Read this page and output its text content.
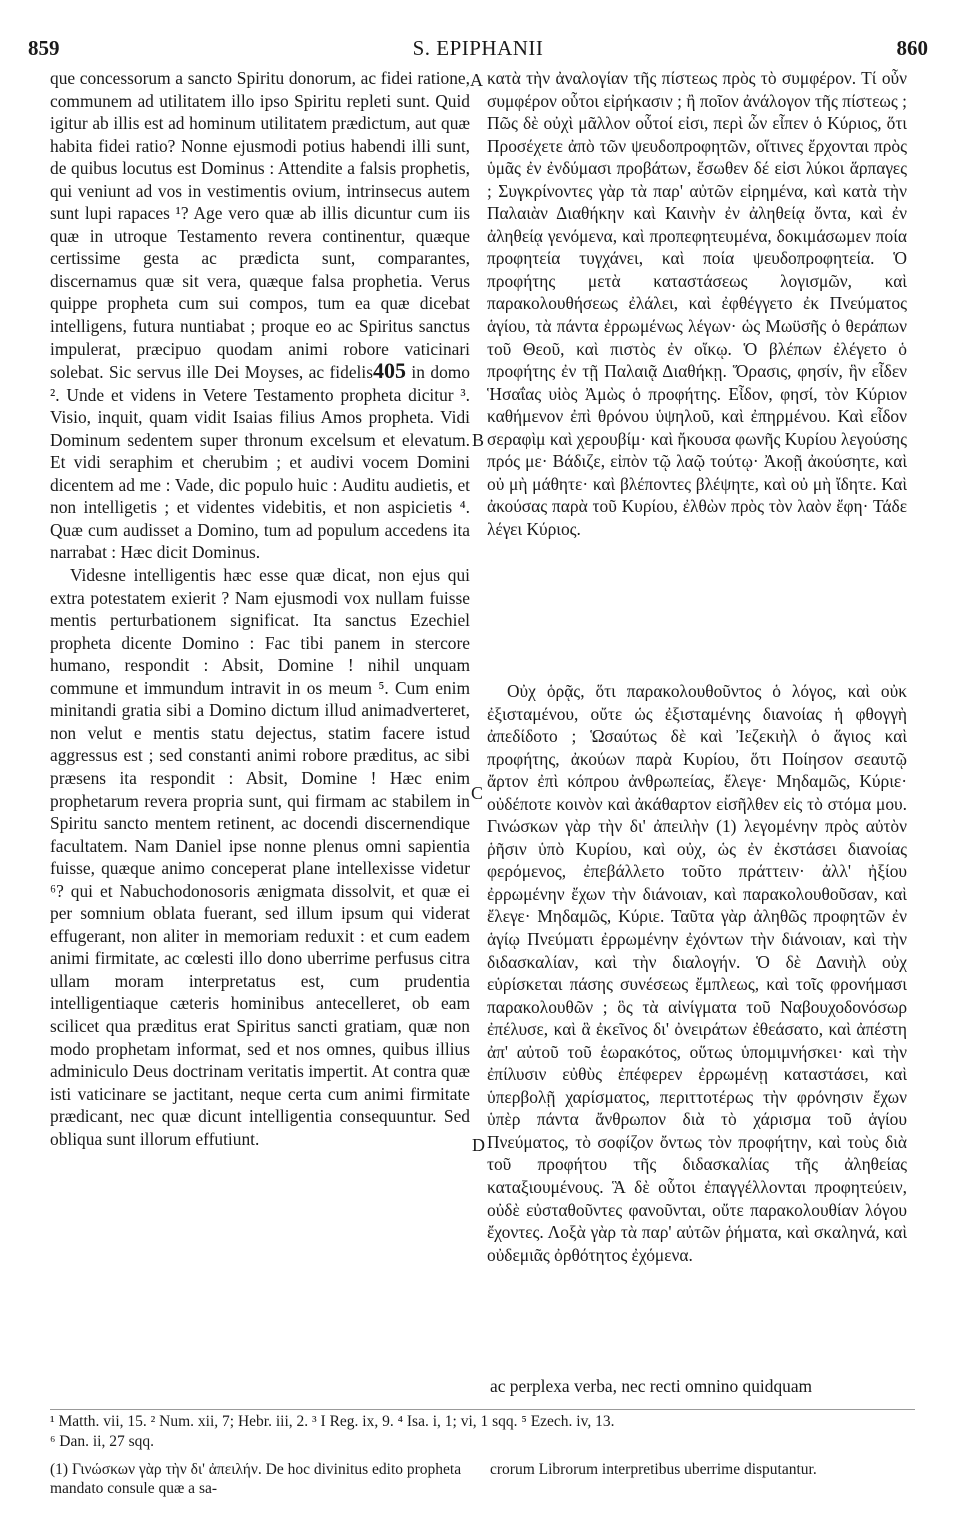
859	S. EPIPHANII	860
A
B
C
D

que concessorum a sancto Spiritu donorum, ac fidei ratione, communem ad utilitatem illo ipso Spiritu repleti sunt. Quid igitur ab illis est ad hominum utilitatem prædictum, aut quæ habita fidei ratio? Nonne ejusmodi potius habendi illi sunt, de quibus locutus est Dominus : Attendite a falsis prophetis, qui veniunt ad vos in vestimentis ovium, intrinsecus autem sunt lupi rapaces ¹? Age vero quæ ab illis dicuntur cum iis quæ in utroque Testamento revera continentur, quæque certissime gesta ac prædicta sunt, comparantes, discernamus quæ sit vera, quæque falsa prophetia. Verus quippe propheta cum sui compos, tum ea quæ dicebat intelligens, futura nuntiabat ; proque eo ac Spiritus sanctus impulerat, præcipuo quodam animi robore vaticinari solebat. Sic servus ille Dei Moyses, ac fidelis405 in domo ². Unde et videns in Vetere Testamento propheta dicitur ³. Visio, inquit, quam vidit Isaias filius Amos propheta. Vidi Dominum sedentem super thronum excelsum et elevatum. Et vidi seraphim et cherubim ; et audivi vocem Domini dicentem ad me : Vade, dic populo huic : Auditu audietis, et non intelligetis ; et videntes videbitis, et non aspicietis ⁴. Quæ cum audisset a Domino, tum ad populum accedens ita narrabat : Hæc dicit Dominus.

Videsne intelligentis hæc esse quæ dicat, non ejus qui extra potestatem exierit ? Nam ejusmodi vox nullam fuisse mentis perturbationem significat. Ita sanctus Ezechiel propheta dicente Domino : Fac tibi panem in stercore humano, respondit : Absit, Domine ! nihil unquam commune et immundum intravit in os meum ⁵. Cum enim minitandi gratia sibi a Domino dictum illud animadverteret, non velut e mentis statu dejectus, statim facere istud aggressus est ; sed constanti animi robore præditus, ac sibi præsens ita respondit : Absit, Domine ! Hæc enim prophetarum revera propria sunt, qui firmam ac stabilem in Spiritu sancto mentem retinent, ac docendi discernendique facultatem. Nam Daniel ipse nonne plenus omni sapientia fuisse, quæque animo conceperat plane intellexisse videtur ⁶? qui et Nabuchodonosoris ænigmata dissolvit, et quæ ei per somnium oblata fuerant, sed illum ipsum qui viderat effugerant, non aliter in memoriam reduxit : et cum eadem animi firmitate, ac cœlesti illo dono uberrime perfusus citra ullam moram interpretatus est, cum prudentia intelligentiaque cæteris hominibus antecelleret, ob eam scilicet qua præditus erat Spiritus sancti gratiam, quæ non modo prophetam informat, sed et nos omnes, quibus illius adminiculo Deus doctrinam veritatis impertit. At contra quæ isti vaticinare se jactitant, neque certa cum animi firmitate prædicant, nec quæ dicunt intelligentia consequuntur. Sed obliqua sunt illorum effutiunt.

κατὰ τὴν ἀναλογίαν τῆς πίστεως πρὸς τὸ συμφέρον. Τί οὖν συμφέρον οὗτοι εἰρήκασιν ; ἢ ποῖον ἀνάλογον τῆς πίστεως ; Πῶς δὲ οὐχὶ μᾶλλον οὗτοί εἰσι, περὶ ὧν εἶπεν ὁ Κύριος, ὅτι Προσέχετε ἀπὸ τῶν ψευδοπροφητῶν, οἵτινες ἔρχονται πρὸς ὑμᾶς ἐν ἐνδύμασι προβάτων, ἔσωθεν δέ εἰσι λύκοι ἅρπαγες ; Συγκρίνοντες γὰρ τὰ παρ' αὐτῶν εἰρημένα, καὶ κατὰ τὴν Παλαιὰν Διαθήκην καὶ Καινὴν ἐν ἀληθείᾳ ὄντα, καὶ ἐν ἀληθείᾳ γενόμενα, καὶ προπεφητευμένα, δοκιμάσωμεν ποία προφητεία τυγχάνει, καὶ ποία ψευδοπροφητεία. Ὁ προφήτης μετὰ καταστάσεως λογισμῶν, καὶ παρακολουθήσεως ἐλάλει, καὶ ἐφθέγγετο ἐκ Πνεύματος ἁγίου, τὰ πάντα ἐρρωμένως λέγων· ὡς Μωϋσῆς ὁ θεράπων τοῦ Θεοῦ, καὶ πιστὸς ἐν οἴκῳ. Ὁ βλέπων ἐλέγετο ὁ προφήτης ἐν τῇ Παλαιᾷ Διαθήκῃ. Ὅρασις, φησίν, ἣν εἶδεν Ἡσαΐας υἱὸς Ἀμὼς ὁ προφήτης. Εἶδον, φησί, τὸν Κύριον καθήμενον ἐπὶ θρόνου ὑψηλοῦ, καὶ ἐπηρμένου. Καὶ εἶδον σεραφὶμ καὶ χερουβίμ· καὶ ἤκουσα φωνῆς Κυρίου λεγούσης πρός με· Βάδιζε, εἰπὸν τῷ λαῷ τούτῳ· Ἀκοῇ ἀκούσητε, καὶ οὐ μὴ μάθητε· καὶ βλέποντες βλέψητε, καὶ οὐ μὴ ἴδητε. Καὶ ἀκούσας παρὰ τοῦ Κυρίου, ἐλθὼν πρὸς τὸν λαὸν ἔφη· Τάδε λέγει Κύριος.

Οὐχ ὁρᾷς, ὅτι παρακολουθοῦντος ὁ λόγος, καὶ οὐκ ἐξισταμένου, οὔτε ὡς ἐξισταμένης διανοίας ἡ φθογγὴ ἀπεδίδοτο ; Ὡσαύτως δὲ καὶ Ἰεζεκιὴλ ὁ ἅγιος καὶ προφήτης, ἀκούων παρὰ Κυρίου, ὅτι Ποίησον σεαυτῷ ἄρτον ἐπὶ κόπρου ἀνθρωπείας, ἔλεγε· Μηδαμῶς, Κύριε· οὐδέποτε κοινὸν καὶ ἀκάθαρτον εἰσῆλθεν εἰς τὸ στόμα μου. Γινώσκων γὰρ τὴν δι' ἀπειλὴν (1) λεγομένην πρὸς αὐτὸν ῥῆσιν ὑπὸ Κυρίου, καὶ οὐχ, ὡς ἐν ἐκστάσει διανοίας φερόμενος, ἐπεβάλλετο τοῦτο πράττειν· ἀλλ' ἠξίου ἐρρωμένην ἔχων τὴν διάνοιαν, καὶ παρακολουθοῦσαν, καὶ ἔλεγε· Μηδαμῶς, Κύριε. Ταῦτα γὰρ ἀληθῶς προφητῶν ἐν ἁγίῳ Πνεύματι ἐρρωμένην ἐχόντων τὴν διάνοιαν, καὶ τὴν διδασκαλίαν, καὶ τὴν διαλογήν. Ὁ δὲ Δανιὴλ οὐχ εὑρίσκεται πάσης συνέσεως ἔμπλεως, καὶ τοῖς φρονήμασι παρακολουθῶν ; ὃς τὰ αἰνίγματα τοῦ Ναβουχοδονόσωρ ἐπέλυσε, καὶ ἃ ἐκεῖνος δι' ὀνειράτων ἐθεάσατο, καὶ ἀπέστη ἀπ' αὐτοῦ τοῦ ἑωρακότος, οὕτως ὑπομιμνήσκει· καὶ τὴν ἐπίλυσιν εὐθὺς ἐπέφερεν ἐρρωμένῃ καταστάσει, καὶ ὑπερβολῇ χαρίσματος, περιττοτέρως τὴν φρόνησιν ἔχων ὑπὲρ πάντα ἄνθρωπον διὰ τὸ χάρισμα τοῦ ἁγίου Πνεύματος, τὸ σοφίζον ὄντως τὸν προφήτην, καὶ τοὺς διὰ τοῦ προφήτου τῆς διδασκαλίας τῆς ἀληθείας καταξιουμένους. Ἃ δὲ οὗτοι ἐπαγγέλλονται προφητεύειν, οὐδὲ εὐσταθοῦντες φανοῦνται, οὔτε παρακολουθίαν λόγου ἔχοντες. Λοξὰ γὰρ τὰ παρ' αὐτῶν ῥήματα, καὶ σκαληνά, καὶ οὐδεμιᾶς ὀρθότητος ἐχόμενα.

ac perplexa verba, nec recti omnino quidquam
¹ Matth. vii, 15. ² Num. xii, 7; Hebr. iii, 2. ³ I Reg. ix, 9. ⁴ Isa. i, 1; vi, 1 sqq. ⁵ Ezech. iv, 13.
⁶ Dan. ii, 27 sqq.
(1) Γινώσκων γὰρ τὴν δι' ἀπειλήν. De hoc divinitus edito propheta mandato consule quæ a sa-
crorum Librorum interpretibus uberrime disputantur.
